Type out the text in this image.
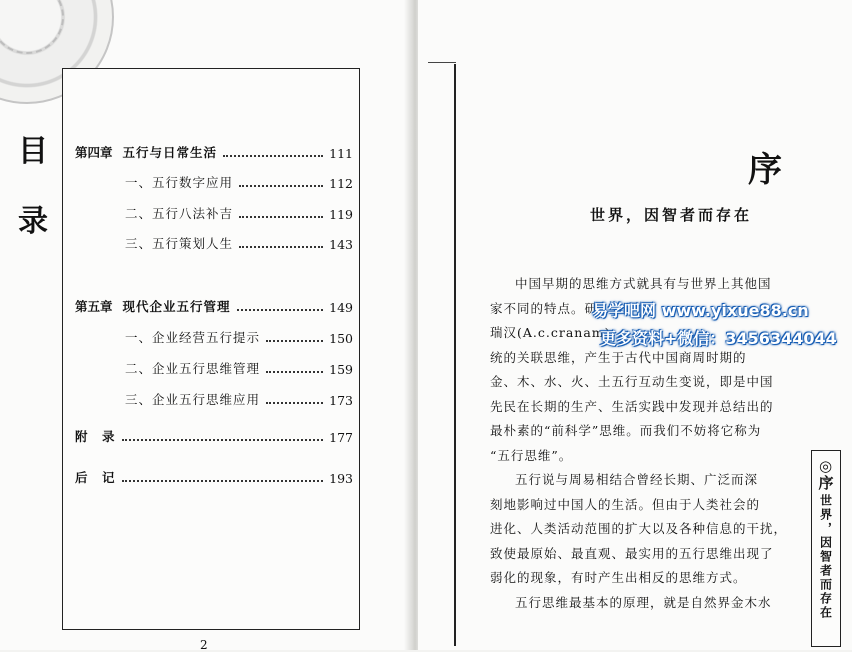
目
录
第四章 五行与日常生活	111
一、五行数字应用	112
二、五行八法补吉	119
三、五行策划人生	143
第五章 现代企业五行管理	149
一、企业经营五行提示	150
二、企业五行思维管理	159
三、企业五行思维应用	173
附　录	177
后　记	193
2
序
世界，因智者而存在

中国早期的思维方式就具有与世界上其他国

家不同的特点。研

瑞汉(A.c.cranam)

统的关联思维，产生于古代中国商周时期的

金、木、水、火、土五行互动生变说，即是中国

先民在长期的生产、生活实践中发现并总结出的

最朴素的“前科学”思维。而我们不妨将它称为

“五行思维”。

五行说与周易相结合曾经长期、广泛而深

刻地影响过中国人的生活。但由于人类社会的

进化、人类活动范围的扩大以及各种信息的干扰，

致使最原始、最直观、最实用的五行思维出现了

弱化的现象，有时产生出相反的思维方式。

五行思维最基本的原理，就是自然界金木水

◎序
世界，因智者而存在
易学吧网 www.yixue88.cn
更多资料+微信：3456344044
